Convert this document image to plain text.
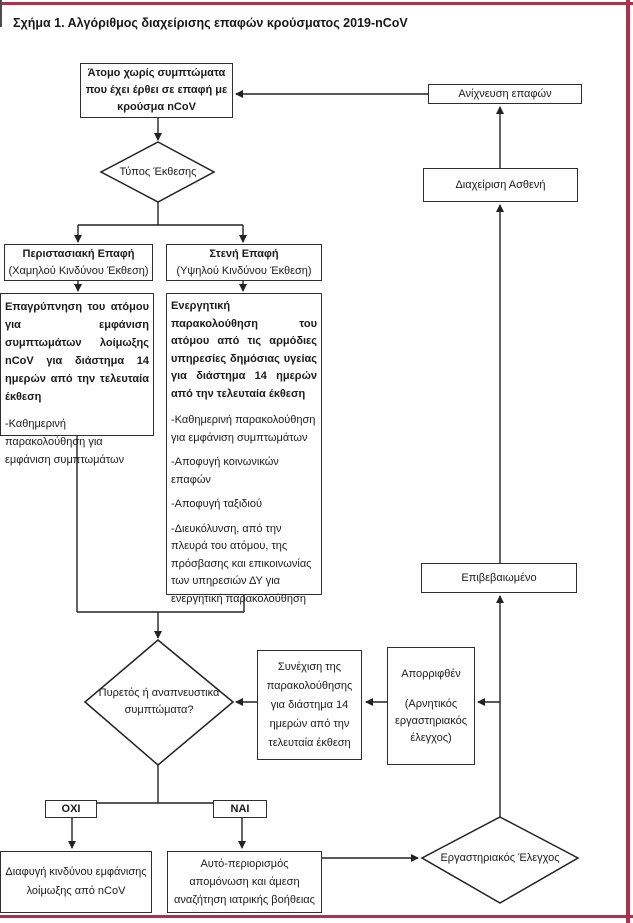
Σχήμα 1. Αλγόριθμος διαχείρισης επαφών κρούσματος 2019-nCoV
Άτομο χωρίς συμπτώματα που έχει έρθει σε επαφή με κρούσμα nCoV
Ανίχνευση επαφών
Διαχείριση Ασθενή
Τύπος Έκθεσης
Περιστασιακή Επαφή
(Χαμηλού Κινδύνου Έκθεση)
Στενή Επαφή
(Υψηλού Κινδύνου Έκθεση)

Επαγρύπνηση του ατόμου για εμφάνιση συμπτωμάτων λοίμωξης nCoV για διάστημα 14 ημερών από την τελευταία έκθεση

-Καθημερινή παρακολούθηση για εμφάνιση συμπτωμάτων

Ενεργητική παρακολούθηση του ατόμου από τις αρμόδιες υπηρεσίες δημόσιας υγείας για διάστημα 14 ημερών από την τελευταία έκθεση

-Καθημερινή παρακολούθηση για εμφάνιση συμπτωμάτων

-Αποφυγή κοινωνικών επαφών

-Αποφυγή ταξιδιού

-Διευκόλυνση, από την πλευρά του ατόμου, της πρόσβασης και επικοινωνίας των υπηρεσιών ΔΥ για ενεργητική παρακολούθηση

Επιβεβαιωμένο
Πυρετός ή αναπνευστικά συμπτώματα?
Συνέχιση της παρακολούθησης για διάστημα 14 ημερών από την τελευταία έκθεση
Απορριφθέν
(Αρνητικός εργαστηριακός έλεγχος)
ΟΧΙ	ΝΑΙ
Διαφυγή κινδύνου εμφάνισης λοίμωξης από nCoV
Αυτό-περιορισμός απομόνωση και άμεση αναζήτηση ιατρικής βοήθειας
Εργαστηριακός Έλεγχος
